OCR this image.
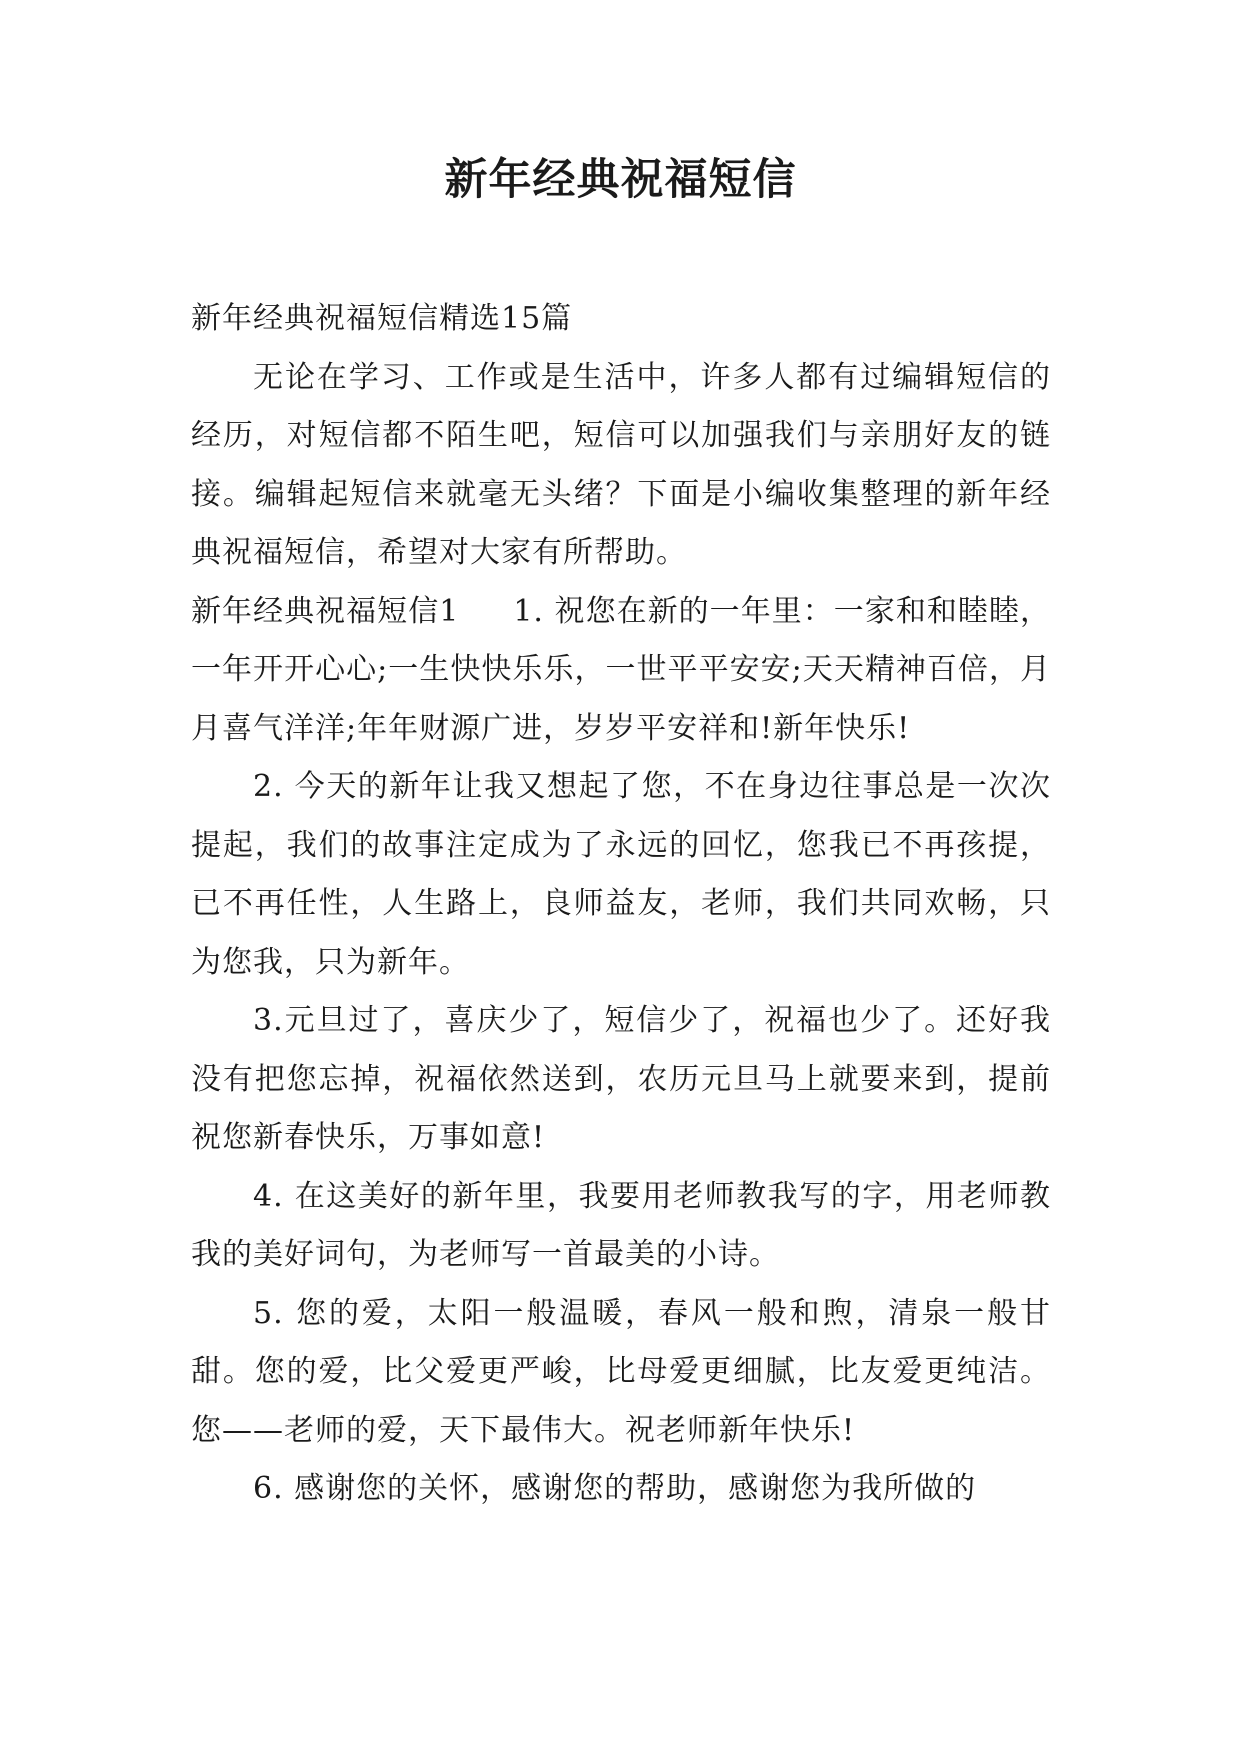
新年经典祝福短信

新年经典祝福短信精选15篇

无论在学习、工作或是生活中，许多人都有过编辑短信的经历，对短信都不陌生吧，短信可以加强我们与亲朋好友的链接。编辑起短信来就毫无头绪？下面是小编收集整理的新年经典祝福短信，希望对大家有所帮助。

新年经典祝福短信1 1. 祝您在新的一年里：一家和和睦睦，一年开开心心;一生快快乐乐，一世平平安安;天天精神百倍，月月喜气洋洋;年年财源广进，岁岁平安祥和!新年快乐!

2. 今天的新年让我又想起了您，不在身边往事总是一次次提起，我们的故事注定成为了永远的回忆，您我已不再孩提，已不再任性，人生路上，良师益友，老师，我们共同欢畅，只为您我，只为新年。

3.元旦过了，喜庆少了，短信少了，祝福也少了。还好我没有把您忘掉，祝福依然送到，农历元旦马上就要来到，提前祝您新春快乐，万事如意!

4. 在这美好的新年里，我要用老师教我写的字，用老师教我的美好词句，为老师写一首最美的小诗。

5. 您的爱，太阳一般温暖，春风一般和煦，清泉一般甘甜。您的爱，比父爱更严峻，比母爱更细腻，比友爱更纯洁。您——老师的爱，天下最伟大。祝老师新年快乐!

6. 感谢您的关怀，感谢您的帮助，感谢您为我所做的
